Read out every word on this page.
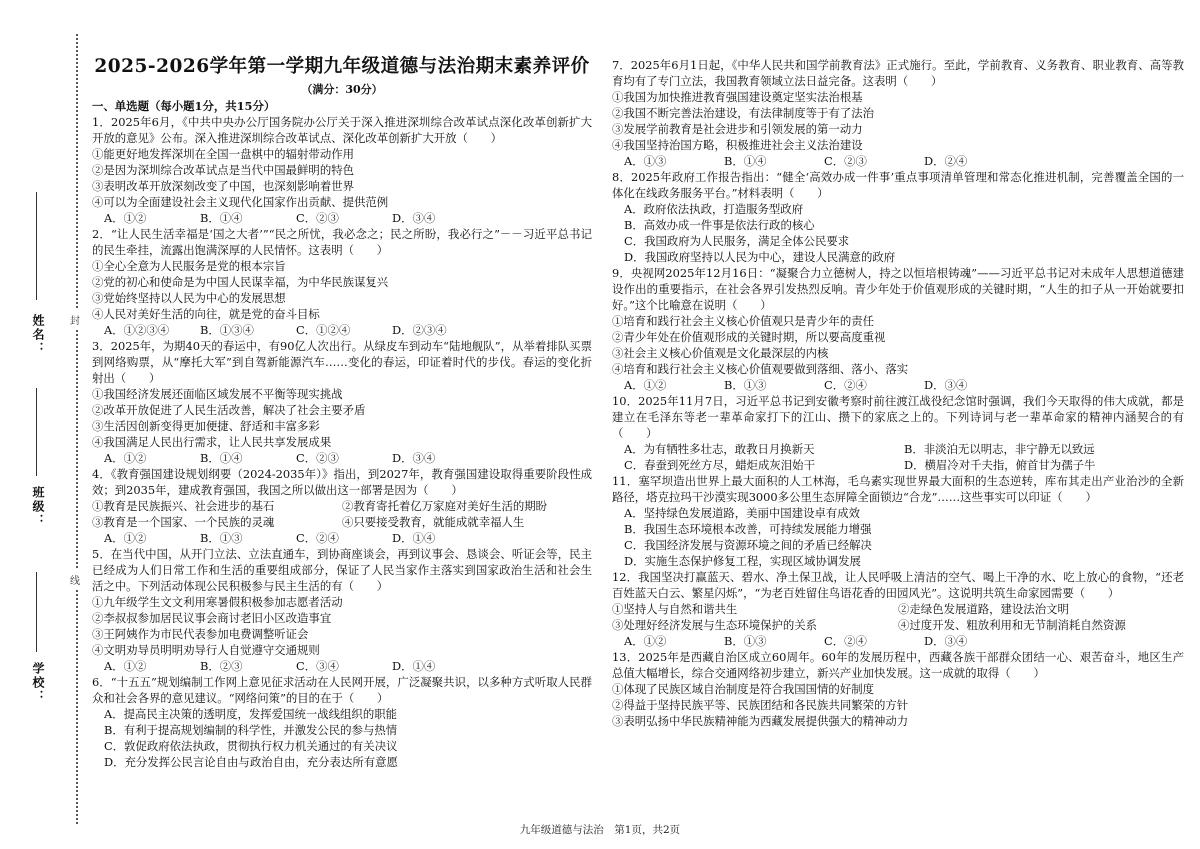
封
线
姓名：
班级：
学校：
2025-2026学年第一学期九年级道德与法治期末素养评价
（满分：30分）
一、单选题（每小题1分，共15分）

1．2025年6月，《中共中央办公厅国务院办公厅关于深入推进深圳综合改革试点深化改革创新扩大开放的意见》公布。深入推进深圳综合改革试点、深化改革创新扩大开放（　　）

①能更好地发挥深圳在全国一盘棋中的辐射带动作用

②是因为深圳综合改革试点是当代中国最鲜明的特色

③表明改革开放深刻改变了中国，也深刻影响着世界

④可以为全面建设社会主义现代化国家作出贡献、提供范例

A．①②	B．①④	C．②③	D．③④

2．“让人民生活幸福是‘国之大者’”“民之所忧，我必念之；民之所盼，我必行之”－－习近平总书记的民生牵挂，流露出饱满深厚的人民情怀。这表明（　　）

①全心全意为人民服务是党的根本宗旨

②党的初心和使命是为中国人民谋幸福，为中华民族谋复兴

③党始终坚持以人民为中心的发展思想

④人民对美好生活的向往，就是党的奋斗目标

A．①②③④	B．①③④	C．①②④	D．②③④

3．2025年，为期40天的春运中，有90亿人次出行。从绿皮车到动车“陆地舰队”，从举着排队买票到网络购票，从“摩托大军”到自驾新能源汽车……变化的春运，印证着时代的步伐。春运的变化折射出（　　）

①我国经济发展还面临区域发展不平衡等现实挑战

②改革开放促进了人民生活改善，解决了社会主要矛盾

③生活因创新变得更加便捷、舒适和丰富多彩

④我国满足人民出行需求，让人民共享发展成果

A．①②	B．①④	C．②③	D．③④

4．《教育强国建设规划纲要（2024-2035年）》指出，到2027年，教育强国建设取得重要阶段性成效；到2035年，建成教育强国，我国之所以做出这一部署是因为（　　）

①教育是民族振兴、社会进步的基石	②教育寄托着亿万家庭对美好生活的期盼
③教育是一个国家、一个民族的灵魂	④只要接受教育，就能成就幸福人生
A．①②	B．①③	C．②④	D．①④

5．在当代中国，从开门立法、立法直通车，到协商座谈会，再到议事会、恳谈会、听证会等，民主已经成为人们日常工作和生活的重要组成部分，保证了人民当家作主落实到国家政治生活和社会生活之中。下列活动体现公民积极参与民主生活的有（　　）

①九年级学生文文利用寒暑假积极参加志愿者活动

②李叔叔参加居民议事会商讨老旧小区改造事宜

③王阿姨作为市民代表参加电费调整听证会

④文明劝导员明明劝导行人自觉遵守交通规则

A．①②	B．②③	C．③④	D．①④

6．“十五五”规划编制工作网上意见征求活动在人民网开展，广泛凝聚共识，以多种方式听取人民群众和社会各界的意见建议。“网络问策”的目的在于（　　）

A．提高民主决策的透明度，发挥爱国统一战线组织的职能

B．有利于提高规划编制的科学性，并激发公民的参与热情

C．敦促政府依法执政，贯彻执行权力机关通过的有关决议

D．充分发挥公民言论自由与政治自由，充分表达所有意愿

7．2025年6月1日起，《中华人民共和国学前教育法》正式施行。至此，学前教育、义务教育、职业教育、高等教育均有了专门立法，我国教育领域立法日益完备。这表明（　　）

①我国为加快推进教育强国建设奠定坚实法治根基

②我国不断完善法治建设，有法律制度等于有了法治

③发展学前教育是社会进步和引领发展的第一动力

④我国坚持治国方略，积极推进社会主义法治建设

A．①③	B．①④	C．②③	D．②④

8．2025年政府工作报告指出：“健全‘高效办成一件事’重点事项清单管理和常态化推进机制，完善覆盖全国的一体化在线政务服务平台。”材料表明（　　）

A．政府依法执政，打造服务型政府

B．高效办成一件事是依法行政的核心

C．我国政府为人民服务，满足全体公民要求

D．我国政府坚持以人民为中心，建设人民满意的政府

9．央视网2025年12月16日：“凝聚合力立德树人，持之以恒培根铸魂”——习近平总书记对未成年人思想道德建设作出的重要指示，在社会各界引发热烈反响。青少年处于价值观形成的关键时期，“人生的扣子从一开始就要扣好。”这个比喻意在说明（　　）

①培育和践行社会主义核心价值观只是青少年的责任

②青少年处在价值观形成的关键时期，所以要高度重视

③社会主义核心价值观是文化最深层的内核

④培育和践行社会主义核心价值观要做到落细、落小、落实

A．①②	B．①③	C．②④	D．③④

10．2025年11月7日，习近平总书记到安徽考察时前往渡江战役纪念馆时强调，我们今天取得的伟大成就，都是建立在毛泽东等老一辈革命家打下的江山、攒下的家底之上的。下列诗词与老一辈革命家的精神内涵契合的有（　　）

A．为有牺牲多壮志，敢教日月换新天	B．非淡泊无以明志，非宁静无以致远
C．春蚕到死丝方尽，蜡炬成灰泪始干	D．横眉冷对千夫指，俯首甘为孺子牛

11．塞罕坝造出世界上最大面积的人工林海，毛乌素实现世界最大面积的生态逆转，库布其走出产业治沙的全新路径，塔克拉玛干沙漠实现3000多公里生态屏障全面锁边“合龙”……这些事实可以印证（　　）

A．坚持绿色发展道路，美丽中国建设卓有成效

B．我国生态环境根本改善，可持续发展能力增强

C．我国经济发展与资源环境之间的矛盾已经解决

D．实施生态保护修复工程，实现区域协调发展

12．我国坚决打赢蓝天、碧水、净土保卫战，让人民呼吸上清洁的空气、喝上干净的水、吃上放心的食物，“还老百姓蓝天白云、繁星闪烁”，“为老百姓留住鸟语花香的田园风光”。这说明共筑生命家园需要（　　）

①坚持人与自然和谐共生	②走绿色发展道路，建设法治文明
③处理好经济发展与生态环境保护的关系	④过度开发、粗放利用和无节制消耗自然资源
A．①②	B．①③	C．②④	D．③④

13．2025年是西藏自治区成立60周年。60年的发展历程中，西藏各族干部群众团结一心、艰苦奋斗，地区生产总值大幅增长，综合交通网络初步建立，新兴产业加快发展。这一成就的取得（　　）

①体现了民族区域自治制度是符合我国国情的好制度

②得益于坚持民族平等、民族团结和各民族共同繁荣的方针

③表明弘扬中华民族精神能为西藏发展提供强大的精神动力

九年级道德与法治　第1页，共2页
